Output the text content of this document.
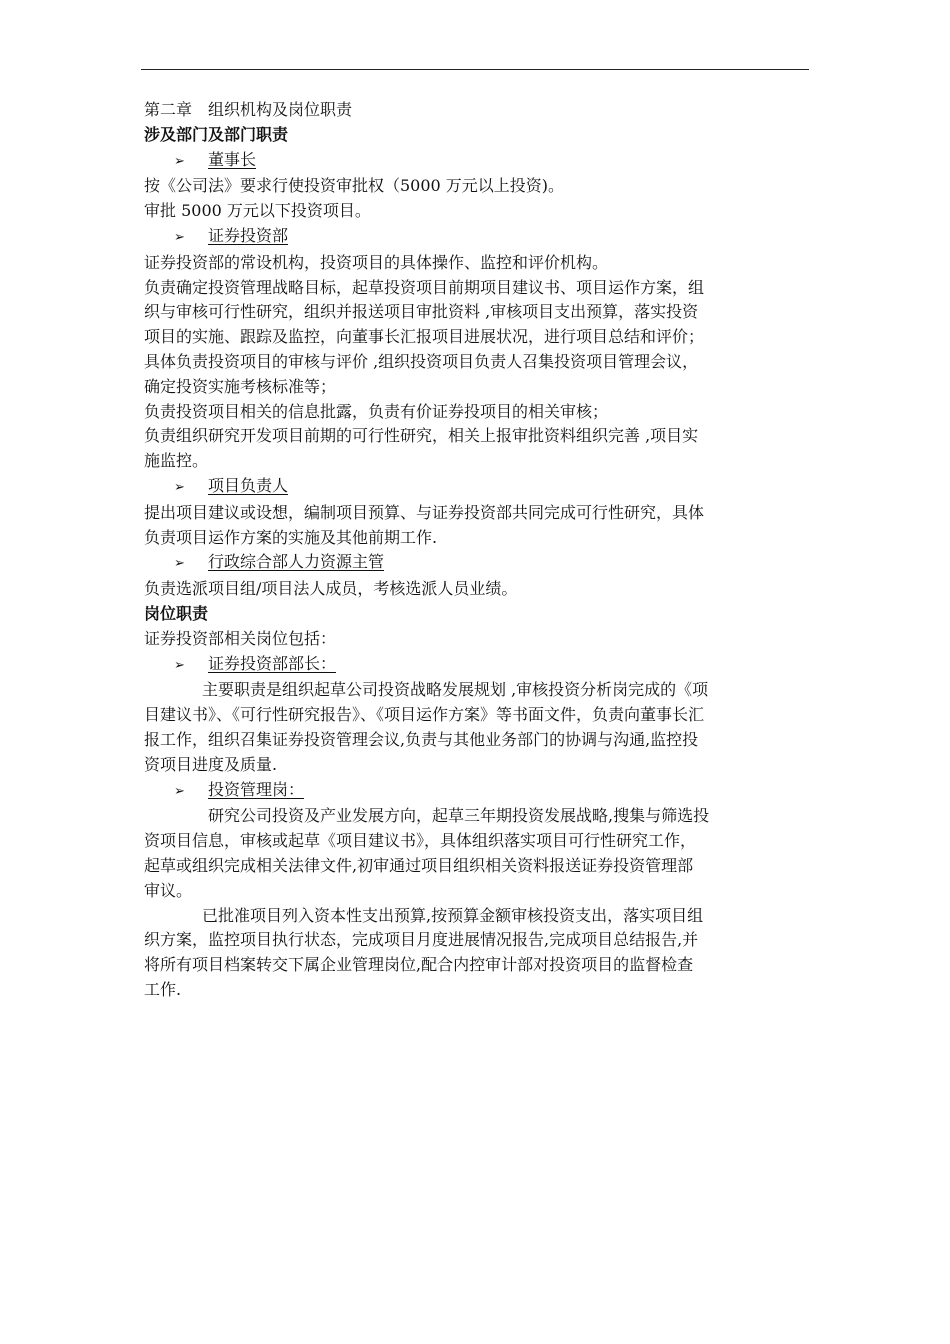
第二章 组织机构及岗位职责

涉及部门及部门职责

➢ 董事长

按《公司法》要求行使投资审批权（5000 万元以上投资)。

审批 5000 万元以下投资项目。

➢ 证券投资部

证券投资部的常设机构，投资项目的具体操作、监控和评价机构。

负责确定投资管理战略目标，起草投资项目前期项目建议书、项目运作方案，组

织与审核可行性研究，组织并报送项目审批资料 ,审核项目支出预算，落实投资

项目的实施、跟踪及监控，向董事长汇报项目进展状况，进行项目总结和评价；

具体负责投资项目的审核与评价 ,组织投资项目负责人召集投资项目管理会议，

确定投资实施考核标准等；

负责投资项目相关的信息批露，负责有价证券投项目的相关审核；

负责组织研究开发项目前期的可行性研究，相关上报审批资料组织完善 ,项目实

施监控。

➢ 项目负责人

提出项目建议或设想，编制项目预算、与证券投资部共同完成可行性研究，具体

负责项目运作方案的实施及其他前期工作.

➢ 行政综合部人力资源主管

负责选派项目组/项目法人成员，考核选派人员业绩。

岗位职责

证券投资部相关岗位包括：

➢ 证券投资部部长：

主要职责是组织起草公司投资战略发展规划 ,审核投资分析岗完成的《项

目建议书》、《可行性研究报告》、《项目运作方案》等书面文件，负责向董事长汇

报工作，组织召集证券投资管理会议,负责与其他业务部门的协调与沟通,监控投

资项目进度及质量.

➢ 投资管理岗：

研究公司投资及产业发展方向，起草三年期投资发展战略,搜集与筛选投

资项目信息，审核或起草《项目建议书》，具体组织落实项目可行性研究工作，

起草或组织完成相关法律文件,初审通过项目组织相关资料报送证券投资管理部

审议。

已批准项目列入资本性支出预算,按预算金额审核投资支出，落实项目组

织方案，监控项目执行状态，完成项目月度进展情况报告,完成项目总结报告,并

将所有项目档案转交下属企业管理岗位,配合内控审计部对投资项目的监督检查

工作.
